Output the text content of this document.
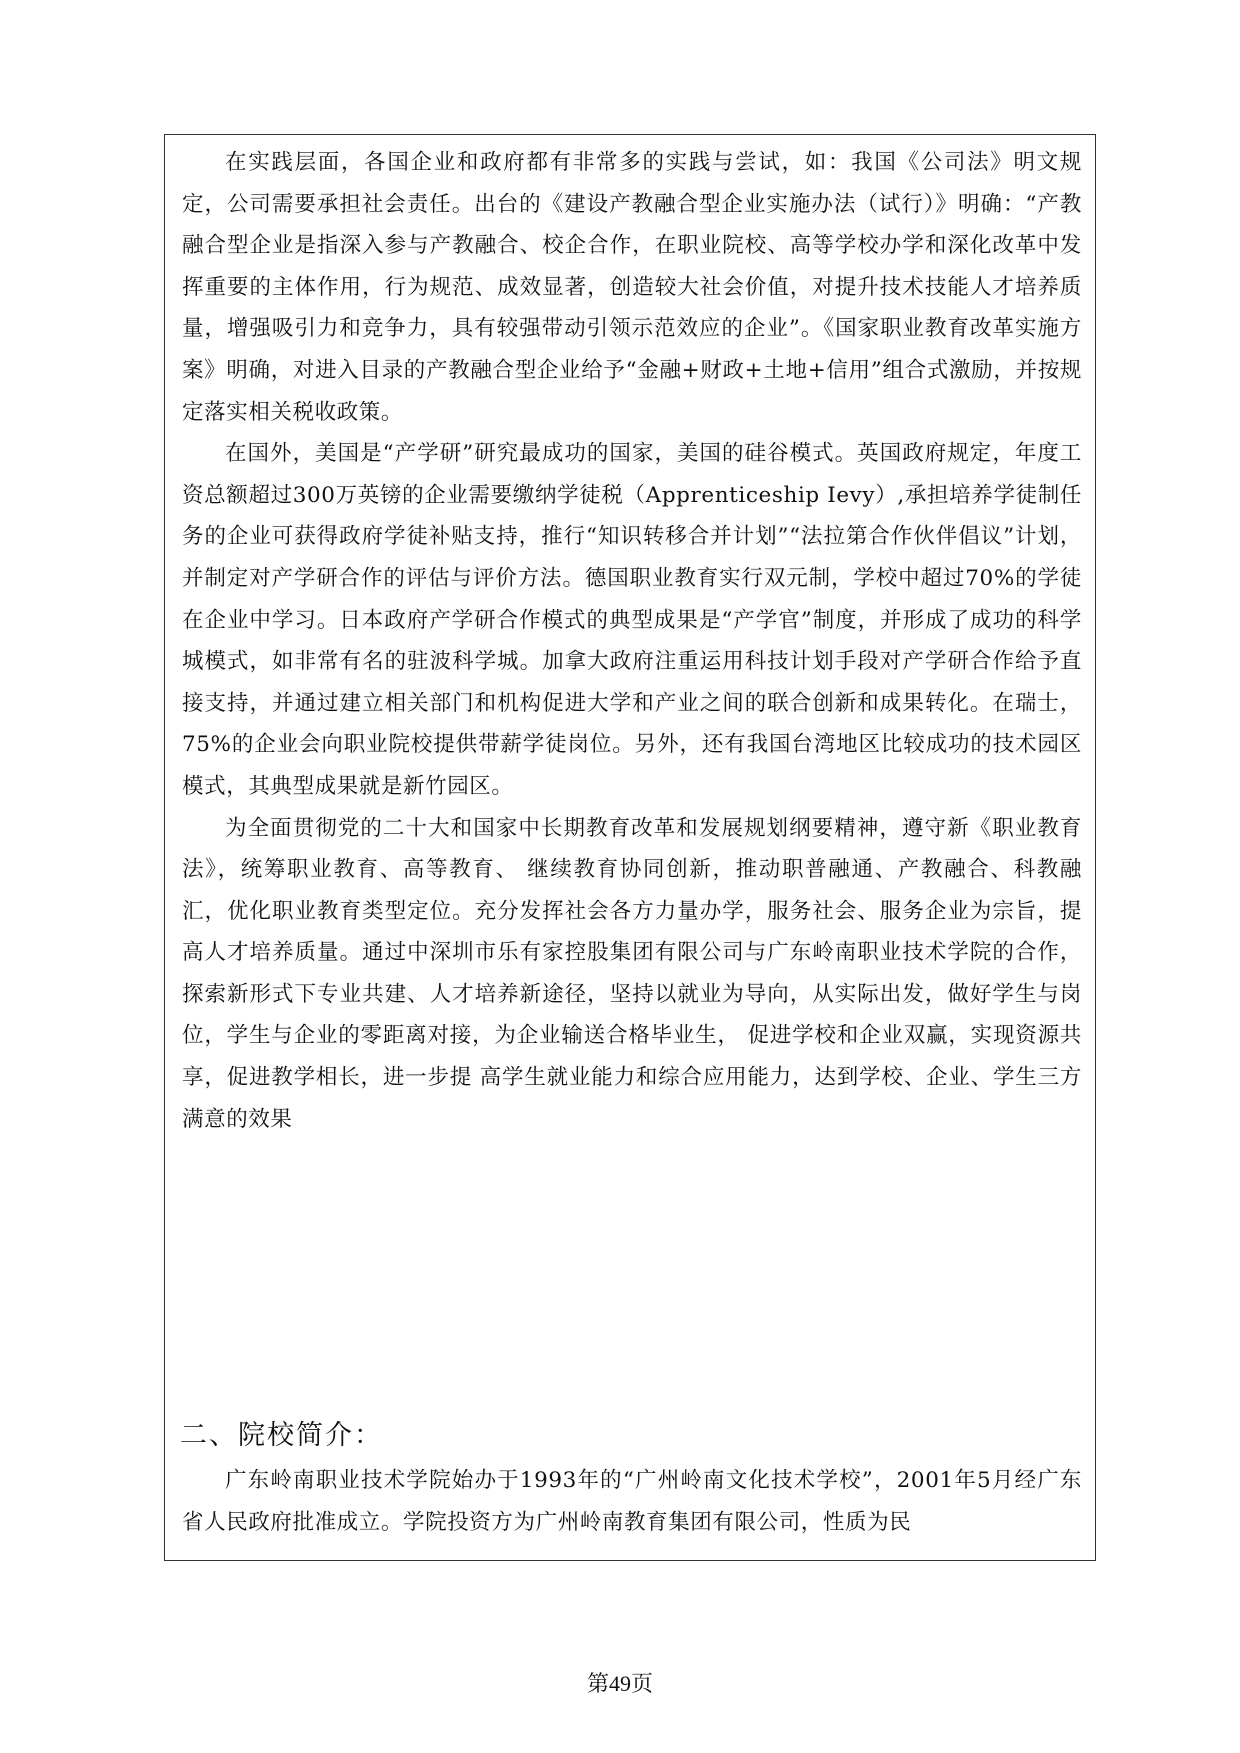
在实践层面，各国企业和政府都有非常多的实践与尝试，如：我国《公司法》明文规定，公司需要承担社会责任。出台的《建设产教融合型企业实施办法（试行）》明确：“产教融合型企业是指深入参与产教融合、校企合作，在职业院校、高等学校办学和深化改革中发挥重要的主体作用，行为规范、成效显著，创造较大社会价值，对提升技术技能人才培养质量，增强吸引力和竞争力，具有较强带动引领示范效应的企业”。《国家职业教育改革实施方案》明确，对进入目录的产教融合型企业给予“金融+财政+土地+信用”组合式激励，并按规定落实相关税收政策。

在国外，美国是“产学研”研究最成功的国家，美国的硅谷模式。英国政府规定，年度工资总额超过300万英镑的企业需要缴纳学徒税（Apprenticeship Ievy）,承担培养学徒制任务的企业可获得政府学徒补贴支持，推行“知识转移合并计划”“法拉第合作伙伴倡议”计划，并制定对产学研合作的评估与评价方法。德国职业教育实行双元制，学校中超过70%的学徒在企业中学习。日本政府产学研合作模式的典型成果是“产学官”制度，并形成了成功的科学城模式，如非常有名的驻波科学城。加拿大政府注重运用科技计划手段对产学研合作给予直接支持，并通过建立相关部门和机构促进大学和产业之间的联合创新和成果转化。在瑞士，75%的企业会向职业院校提供带薪学徒岗位。另外，还有我国台湾地区比较成功的技术园区模式，其典型成果就是新竹园区。

为全面贯彻党的二十大和国家中长期教育改革和发展规划纲要精神，遵守新《职业教育法》，统筹职业教育、高等教育、 继续教育协同创新，推动职普融通、产教融合、科教融汇，优化职业教育类型定位。充分发挥社会各方力量办学，服务社会、服务企业为宗旨，提高人才培养质量。通过中深圳市乐有家控股集团有限公司与广东岭南职业技术学院的合作，探索新形式下专业共建、人才培养新途径，坚持以就业为导向，从实际出发，做好学生与岗位，学生与企业的零距离对接，为企业输送合格毕业生， 促进学校和企业双赢，实现资源共享，促进教学相长，进一步提 高学生就业能力和综合应用能力，达到学校、企业、学生三方满意的效果

二、院校简介：

广东岭南职业技术学院始办于1993年的“广州岭南文化技术学校”，2001年5月经广东省人民政府批准成立。学院投资方为广州岭南教育集团有限公司，性质为民

第49页
